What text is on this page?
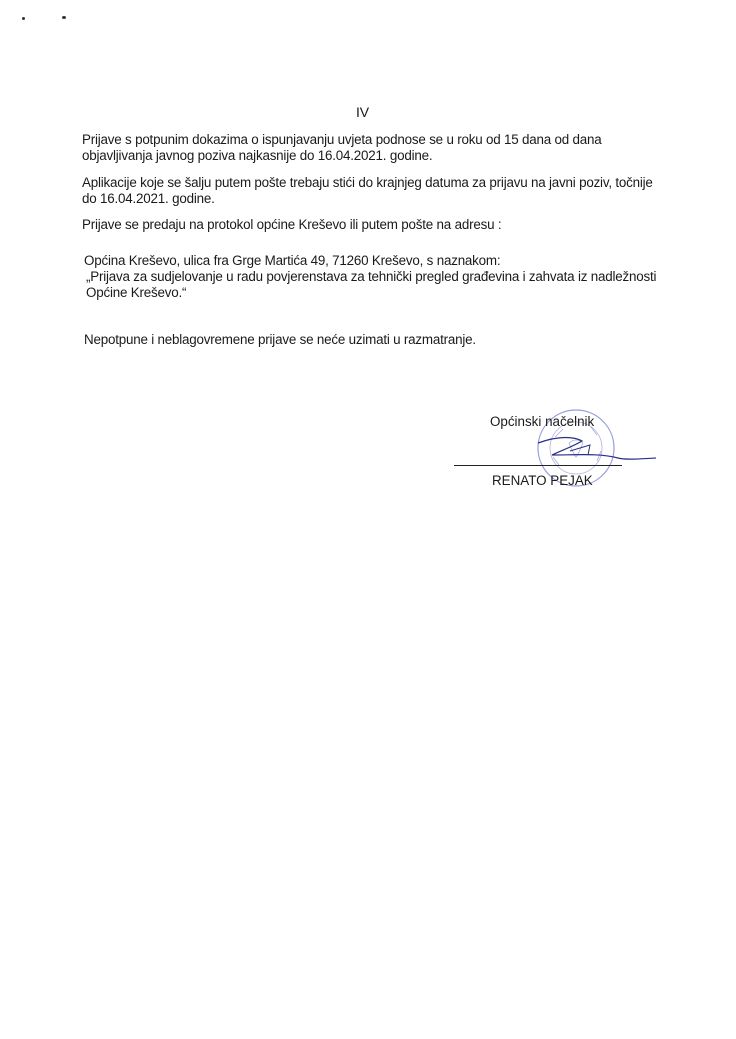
IV
Prijave s potpunim dokazima o ispunjavanju uvjeta podnose se u roku od 15 dana od dana objavljivanja javnog poziva najkasnije do 16.04.2021. godine.
Aplikacije koje se šalju putem pošte trebaju stići do krajnjeg datuma za prijavu na javni poziv, točnije do 16.04.2021. godine.
Prijave se predaju na protokol općine Kreševo ili putem pošte na adresu :
Općina Kreševo, ulica fra Grge Martića 49, 71260 Kreševo, s naznakom:
„Prijava za sudjelovanje u radu povjerenstava za tehnički pregled građevina i zahvata iz nadležnosti Općine Kreševo.“
Nepotpune i neblagovremene prijave se neće uzimati u razmatranje.
Općinski načelnik
RENATO PEJAK
